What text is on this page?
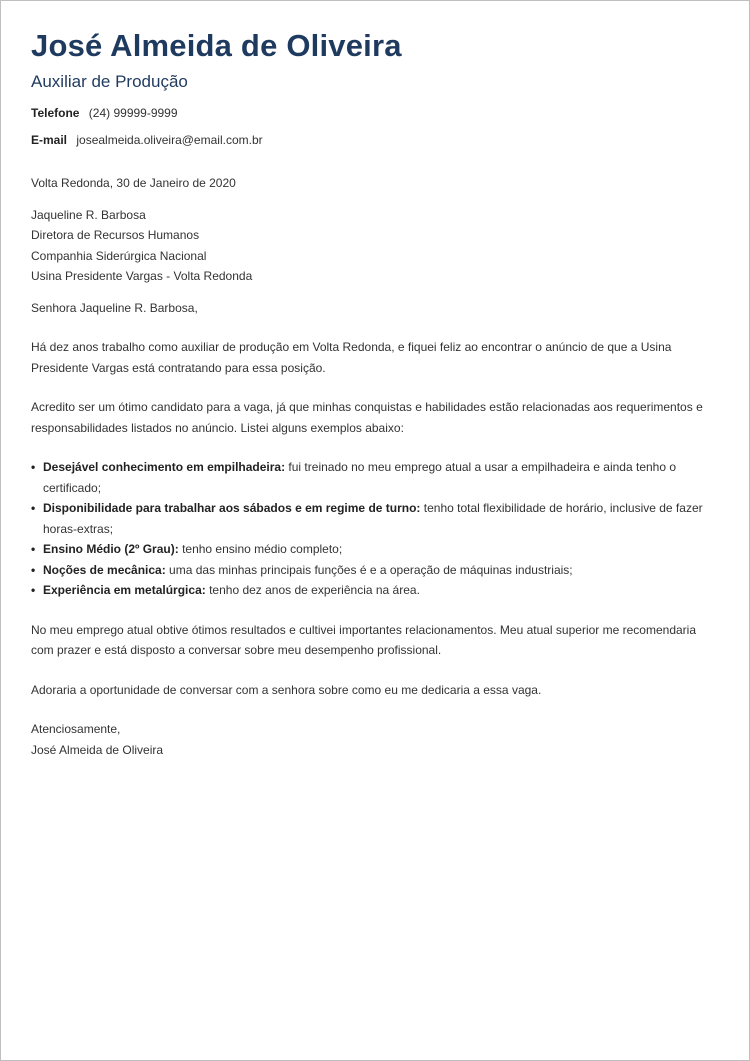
José Almeida de Oliveira
Auxiliar de Produção
Telefone (24) 99999-9999
E-mail josealmeida.oliveira@email.com.br

Volta Redonda, 30 de Janeiro de 2020

Jaqueline R. Barbosa

Diretora de Recursos Humanos

Companhia Siderúrgica Nacional

Usina Presidente Vargas - Volta Redonda

Senhora Jaqueline R. Barbosa,

Há dez anos trabalho como auxiliar de produção em Volta Redonda, e fiquei feliz ao encontrar o anúncio de que a Usina Presidente Vargas está contratando para essa posição.

Acredito ser um ótimo candidato para a vaga, já que minhas conquistas e habilidades estão relacionadas aos requerimentos e responsabilidades listados no anúncio. Listei alguns exemplos abaixo:

• Desejável conhecimento em empilhadeira: fui treinado no meu emprego atual a usar a empilhadeira e ainda tenho o certificado;
• Disponibilidade para trabalhar aos sábados e em regime de turno: tenho total flexibilidade de horário, inclusive de fazer horas-extras;
• Ensino Médio (2º Grau): tenho ensino médio completo;
• Noções de mecânica: uma das minhas principais funções é e a operação de máquinas industriais;
• Experiência em metalúrgica: tenho dez anos de experiência na área.

No meu emprego atual obtive ótimos resultados e cultivei importantes relacionamentos. Meu atual superior me recomendaria com prazer e está disposto a conversar sobre meu desempenho profissional.

Adoraria a oportunidade de conversar com a senhora sobre como eu me dedicaria a essa vaga.

Atenciosamente,

José Almeida de Oliveira
